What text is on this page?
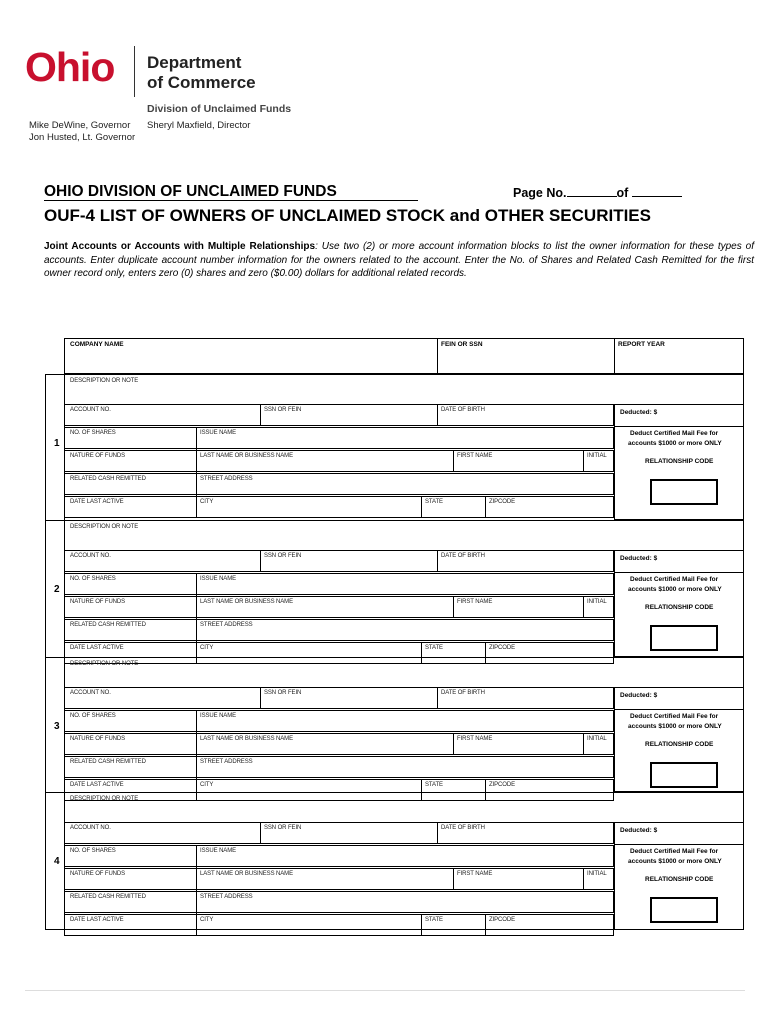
Ohio Department
of Commerce
Division of Unclaimed Funds
Sheryl Maxfield, Director
Mike DeWine, Governor
Jon Husted, Lt. Governor
OHIO DIVISION OF UNCLAIMED FUNDS	Page No.	of
OUF-4 LIST OF OWNERS OF UNCLAIMED STOCK and OTHER SECURITIES
Joint Accounts or Accounts with Multiple Relationships: Use two (2) or more account information blocks to list the owner information for these types of accounts. Enter duplicate account number information for the owners related to the account. Enter the No. of Shares and Related Cash Remitted for the first owner record only, enters zero (0) shares and zero ($0.00) dollars for additional related records.
COMPANY NAME	FEIN OR SSN	REPORT YEAR
1
DESCRIPTION OR NOTE
ACCOUNT NO.	SSN OR FEIN	DATE OF BIRTH	Deducted: $
NO. OF SHARES	ISSUE NAME	Deduct Certified Mail Fee for
accounts $1000 or more ONLY
NATURE OF FUNDS	LAST NAME OR BUSINESS NAME	FIRST NAME	INITIAL
RELATIONSHIP CODE
RELATED CASH REMITTED	STREET ADDRESS
DATE LAST ACTIVE	CITY	STATE	ZIPCODE
2
DESCRIPTION OR NOTE
ACCOUNT NO.	SSN OR FEIN	DATE OF BIRTH	Deducted: $
NO. OF SHARES	ISSUE NAME	Deduct Certified Mail Fee for
accounts $1000 or more ONLY
NATURE OF FUNDS	LAST NAME OR BUSINESS NAME	FIRST NAME	INITIAL
RELATIONSHIP CODE
RELATED CASH REMITTED	STREET ADDRESS
DATE LAST ACTIVE	CITY	STATE	ZIPCODE
3
DESCRIPTION OR NOTE
ACCOUNT NO.	SSN OR FEIN	DATE OF BIRTH	Deducted: $
NO. OF SHARES	ISSUE NAME	Deduct Certified Mail Fee for
accounts $1000 or more ONLY
NATURE OF FUNDS	LAST NAME OR BUSINESS NAME	FIRST NAME	INITIAL
RELATIONSHIP CODE
RELATED CASH REMITTED	STREET ADDRESS
DATE LAST ACTIVE	CITY	STATE	ZIPCODE
4
DESCRIPTION OR NOTE
ACCOUNT NO.	SSN OR FEIN	DATE OF BIRTH	Deducted: $
NO. OF SHARES	ISSUE NAME	Deduct Certified Mail Fee for
accounts $1000 or more ONLY
NATURE OF FUNDS	LAST NAME OR BUSINESS NAME	FIRST NAME	INITIAL
RELATIONSHIP CODE
RELATED CASH REMITTED	STREET ADDRESS
DATE LAST ACTIVE	CITY	STATE	ZIPCODE
